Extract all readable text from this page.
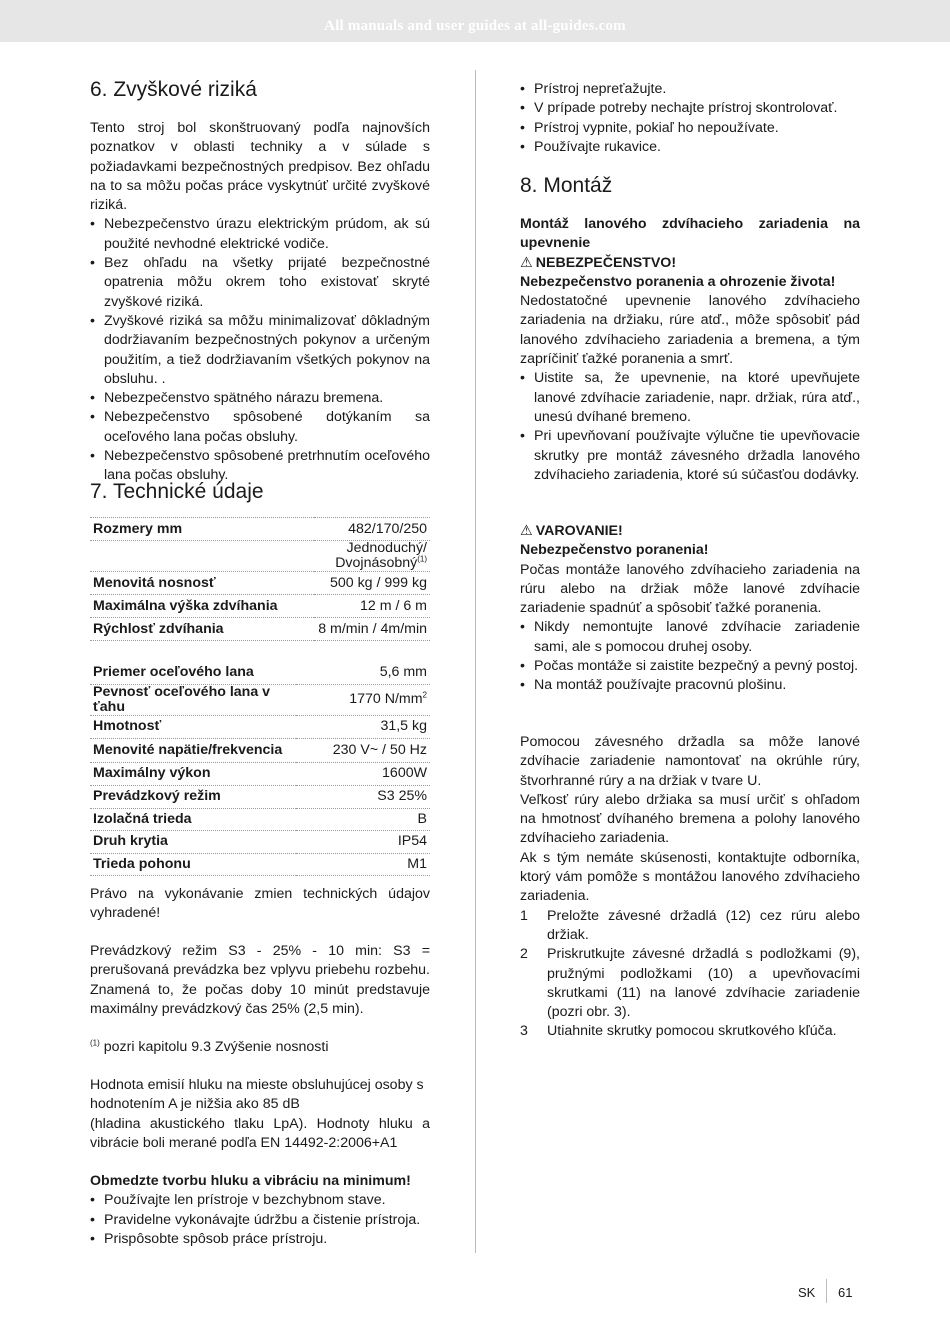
All manuals and user guides at all-guides.com
6. Zvyškové riziká

Tento stroj bol skonštruovaný podľa najnovších poznatkov v oblasti techniky a v súlade s požiadavkami bezpečnostných predpisov. Bez ohľadu na to sa môžu počas práce vyskytnúť určité zvyškové riziká.

• Nebezpečenstvo úrazu elektrickým prúdom, ak sú použité nevhodné elektrické vodiče.
• Bez ohľadu na všetky prijaté bezpečnostné opatrenia môžu okrem toho existovať skryté zvyškové riziká.
• Zvyškové riziká sa môžu minimalizovať dôkladným dodržiavaním bezpečnostných pokynov a určeným použitím, a tiež dodržiavaním všetkých pokynov na obsluhu. .
• Nebezpečenstvo spätného nárazu bremena.
• Nebezpečenstvo spôsobené dotýkaním sa oceľového lana počas obsluhy.
• Nebezpečenstvo spôsobené pretrhnutím oceľového lana počas obsluhy.
7. Technické údaje
Rozmery mm	482/170/250
	Jednoduchý/ Dvojnásobný$^{(1)}$
Menovitá nosnosť	500 kg / 999 kg
Maximálna výška zdvíhania	12 m / 6 m
Rýchlosť zdvíhania	8 m/min / 4m/min
Priemer oceľového lana	5,6 mm
Pevnosť oceľového lana v ťahu	1770 $N/mm^2$
Hmotnosť	31,5 kg
Menovité napätie/frekvencia	230 V~ / 50 Hz
Maximálny výkon	1600W
Prevádzkový režim	S3 25%
Izolačná trieda	B
Druh krytia	IP54
Trieda pohonu	M1

Právo na vykonávanie zmien technických údajov vyhradené!

Prevádzkový režim S3 - 25% - 10 min: S3 = prerušovaná prevádzka bez vplyvu priebehu rozbehu. Znamená to, že počas doby 10 minút predstavuje maximálny prevádzkový čas 25% (2,5 min).

$^{(1)}$ pozri kapitolu 9.3 Zvýšenie nosnosti

Hodnota emisií hluku na mieste obsluhujúcej osoby s hodnotením A je nižšia ako 85 dB

(hladina akustického tlaku LpA). Hodnoty hluku a vibrácie boli merané podľa EN 14492-2:2006+A1

Obmedzte tvorbu hluku a vibráciu na minimum!

• Používajte len prístroje v bezchybnom stave.
• Pravidelne vykonávajte údržbu a čistenie prístroja.
• Prispôsobte spôsob práce prístroju.
• Prístroj nepreťažujte.
• V prípade potreby nechajte prístroj skontrolovať.
• Prístroj vypnite, pokiaľ ho nepoužívate.
• Používajte rukavice.
8. Montáž

Montáž lanového zdvíhacieho zariadenia na upevnenie

⚠ NEBEZPEČENSTVO!

Nebezpečenstvo poranenia a ohrozenie života!

Nedostatočné upevnenie lanového zdvíhacieho zariadenia na držiaku, rúre atď., môže spôsobiť pád lanového zdvíhacieho zariadenia a bremena, a tým zapríčiniť ťažké poranenia a smrť.

• Uistite sa, že upevnenie, na ktoré upevňujete lanové zdvíhacie zariadenie, napr. držiak, rúra atď., unesú dvíhané bremeno.
• Pri upevňovaní používajte výlučne tie upevňovacie skrutky pre montáž závesného držadla lanového zdvíhacieho zariadenia, ktoré sú súčasťou dodávky.

⚠ VAROVANIE!

Nebezpečenstvo poranenia!

Počas montáže lanového zdvíhacieho zariadenia na rúru alebo na držiak môže lanové zdvíhacie zariadenie spadnúť a spôsobiť ťažké poranenia.

• Nikdy nemontujte lanové zdvíhacie zariadenie sami, ale s pomocou druhej osoby.
• Počas montáže si zaistite bezpečný a pevný postoj.
• Na montáž používajte pracovnú plošinu.

Pomocou závesného držadla sa môže lanové zdvíhacie zariadenie namontovať na okrúhle rúry, štvorhranné rúry a na držiak v tvare U.

Veľkosť rúry alebo držiaka sa musí určiť s ohľadom na hmotnosť dvíhaného bremena a polohy lanového zdvíhacieho zariadenia.

Ak s tým nemáte skúsenosti, kontaktujte odborníka, ktorý vám pomôže s montážou lanového zdvíhacieho zariadenia.

1 Preložte závesné držadlá (12) cez rúru alebo držiak.
2 Priskrutkujte závesné držadlá s podložkami (9), pružnými podložkami (10) a upevňovacími skrutkami (11) na lanové zdvíhacie zariadenie (pozri obr. 3).
3 Utiahnite skrutky pomocou skrutkového kľúča.
SK 61
